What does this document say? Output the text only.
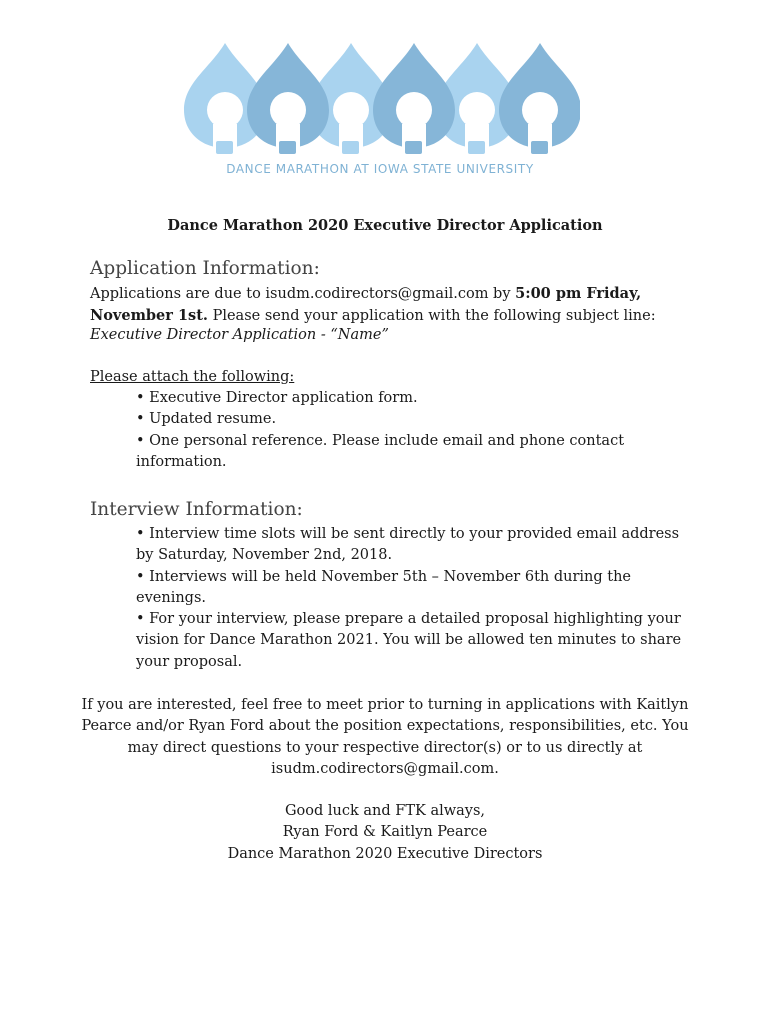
DANCE MARATHON AT IOWA STATE UNIVERSITY
Dance Marathon 2020 Executive Director Application
Application Information:

Applications are due to isudm.codirectors@gmail.com by 5:00 pm Friday, November 1st. Please send your application with the following subject line:

Executive Director Application - “Name”

Please attach the following:

• Executive Director application form.

• Updated resume.

• One personal reference. Please include email and phone contact information.

Interview Information:

• Interview time slots will be sent directly to your provided email address by Saturday, November 2nd, 2018.

• Interviews will be held November 5th – November 6th during the evenings.

• For your interview, please prepare a detailed proposal highlighting your vision for Dance Marathon 2021. You will be allowed ten minutes to share your proposal.

If you are interested, feel free to meet prior to turning in applications with Kaitlyn Pearce and/or Ryan Ford about the position expectations, responsibilities, etc. You may direct questions to your respective director(s) or to us directly at isudm.codirectors@gmail.com.

Good luck and FTK always,

Ryan Ford & Kaitlyn Pearce

Dance Marathon 2020 Executive Directors
